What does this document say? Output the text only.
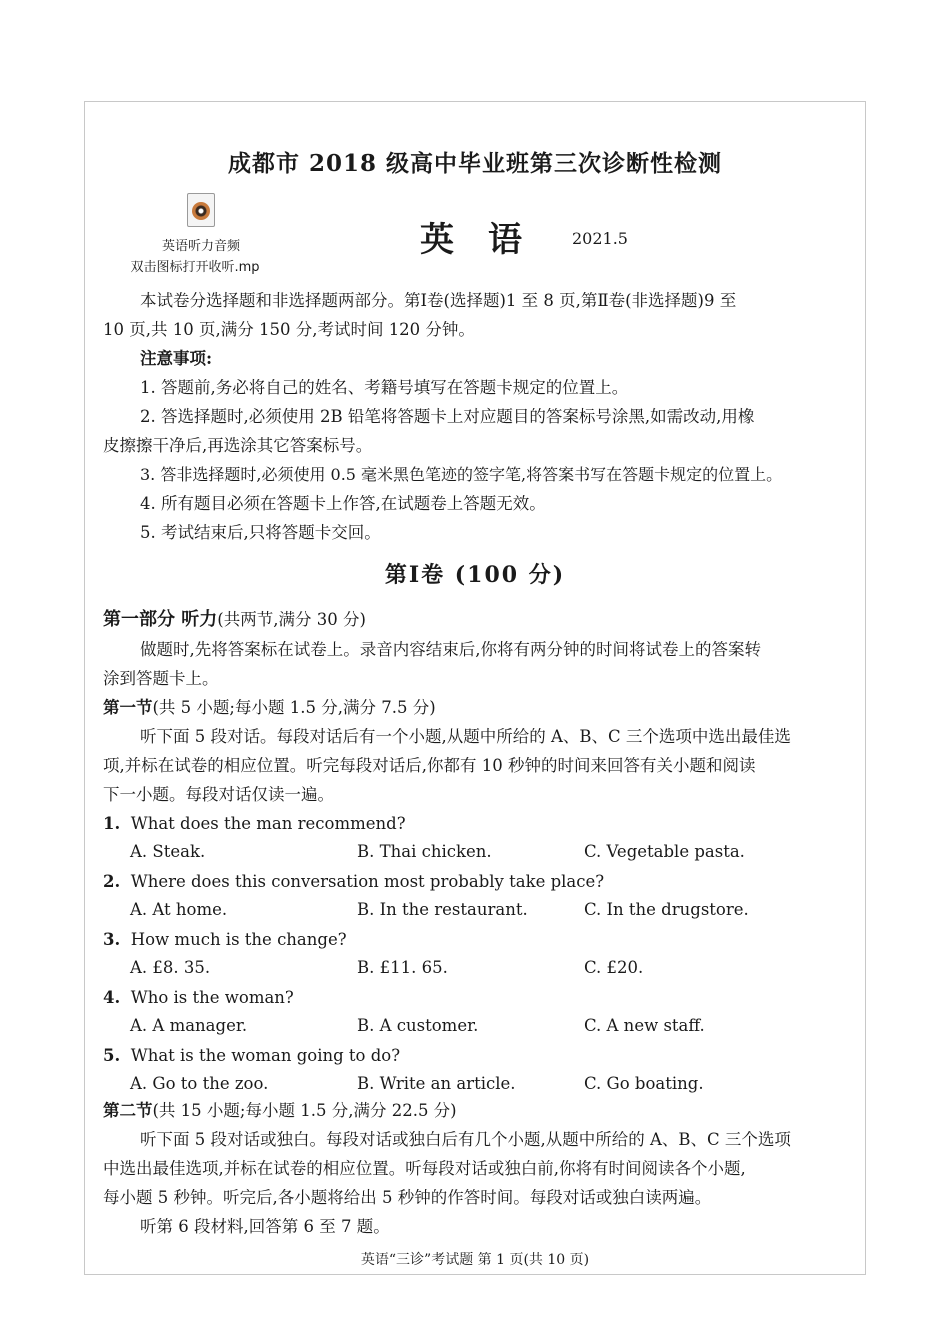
成都市 2018 级高中毕业班第三次诊断性检测
英语听力音频
双击图标打开收听.mp
英语 2021.5
本试卷分选择题和非选择题两部分。第Ⅰ卷(选择题)1 至 8 页,第Ⅱ卷(非选择题)9 至
10 页,共 10 页,满分 150 分,考试时间 120 分钟。
注意事项:
1. 答题前,务必将自己的姓名、考籍号填写在答题卡规定的位置上。
2. 答选择题时,必须使用 2B 铅笔将答题卡上对应题目的答案标号涂黑,如需改动,用橡
皮擦擦干净后,再选涂其它答案标号。
3. 答非选择题时,必须使用 0.5 毫米黑色笔迹的签字笔,将答案书写在答题卡规定的位置上。
4. 所有题目必须在答题卡上作答,在试题卷上答题无效。
5. 考试结束后,只将答题卡交回。
第Ⅰ卷 (100 分)
第一部分 听力(共两节,满分 30 分)
做题时,先将答案标在试卷上。录音内容结束后,你将有两分钟的时间将试卷上的答案转
涂到答题卡上。
第一节(共 5 小题;每小题 1.5 分,满分 7.5 分)
听下面 5 段对话。每段对话后有一个小题,从题中所给的 A、B、C 三个选项中选出最佳选
项,并标在试卷的相应位置。听完每段对话后,你都有 10 秒钟的时间来回答有关小题和阅读
下一小题。每段对话仅读一遍。
1. What does the man recommend?
A. Steak.	B. Thai chicken.	C. Vegetable pasta.
2. Where does this conversation most probably take place?
A. At home.	B. In the restaurant.	C. In the drugstore.
3. How much is the change?
A. £8. 35.	B. £11. 65.	C. £20.
4. Who is the woman?
A. A manager.	B. A customer.	C. A new staff.
5. What is the woman going to do?
A. Go to the zoo.	B. Write an article.	C. Go boating.
第二节(共 15 小题;每小题 1.5 分,满分 22.5 分)
听下面 5 段对话或独白。每段对话或独白后有几个小题,从题中所给的 A、B、C 三个选项
中选出最佳选项,并标在试卷的相应位置。听每段对话或独白前,你将有时间阅读各个小题,
每小题 5 秒钟。听完后,各小题将给出 5 秒钟的作答时间。每段对话或独白读两遍。
听第 6 段材料,回答第 6 至 7 题。
英语“三诊”考试题 第 1 页(共 10 页)
